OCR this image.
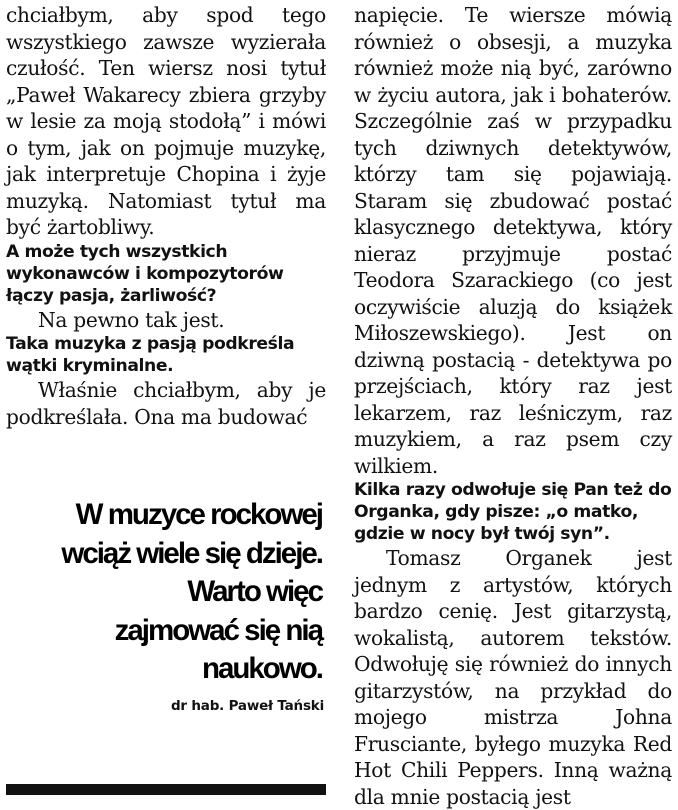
chciałbym, aby spod tego wszystkiego zawsze wyzierała czułość. Ten wiersz nosi tytuł „Paweł Wakarecy zbiera grzyby w lesie za moją stodołą” i mówi o tym, jak on pojmuje muzykę, jak interpretuje Chopina i żyje muzyką. Natomiast tytuł ma być żartobliwy.

A może tych wszystkich wykonawców i kompozytorów łączy pasja, żarliwość?

Na pewno tak jest.

Taka muzyka z pasją podkreśla wątki kryminalne.

Właśnie chciałbym, aby je podkreślała. Ona ma budować

W muzyce rockowej
wciąż wiele się dzieje.
Warto więc
zajmować się nią
naukowo.
dr hab. Paweł Tański

napięcie. Te wiersze mówią również o obsesji, a muzyka również może nią być, zarówno w życiu autora, jak i bohaterów. Szczególnie zaś w przypadku tych dziwnych detektywów, którzy tam się pojawiają. Staram się zbudować postać klasycznego detektywa, który nieraz przyjmuje postać Teodora Szarackiego (co jest oczywiście aluzją do książek Miłoszewskiego). Jest on dziwną postacią - detektywa po przejściach, który raz jest lekarzem, raz leśniczym, raz muzykiem, a raz psem czy wilkiem.

Kilka razy odwołuje się Pan też do Organka, gdy pisze: „o matko, gdzie w nocy był twój syn”.

Tomasz Organek jest jednym z artystów, których bardzo cenię. Jest gitarzystą, wokalistą, autorem tekstów. Odwołuję się również do innych gitarzystów, na przykład do mojego mistrza Johna Frusciante, byłego muzyka Red Hot Chili Peppers. Inną ważną dla mnie postacią jest
